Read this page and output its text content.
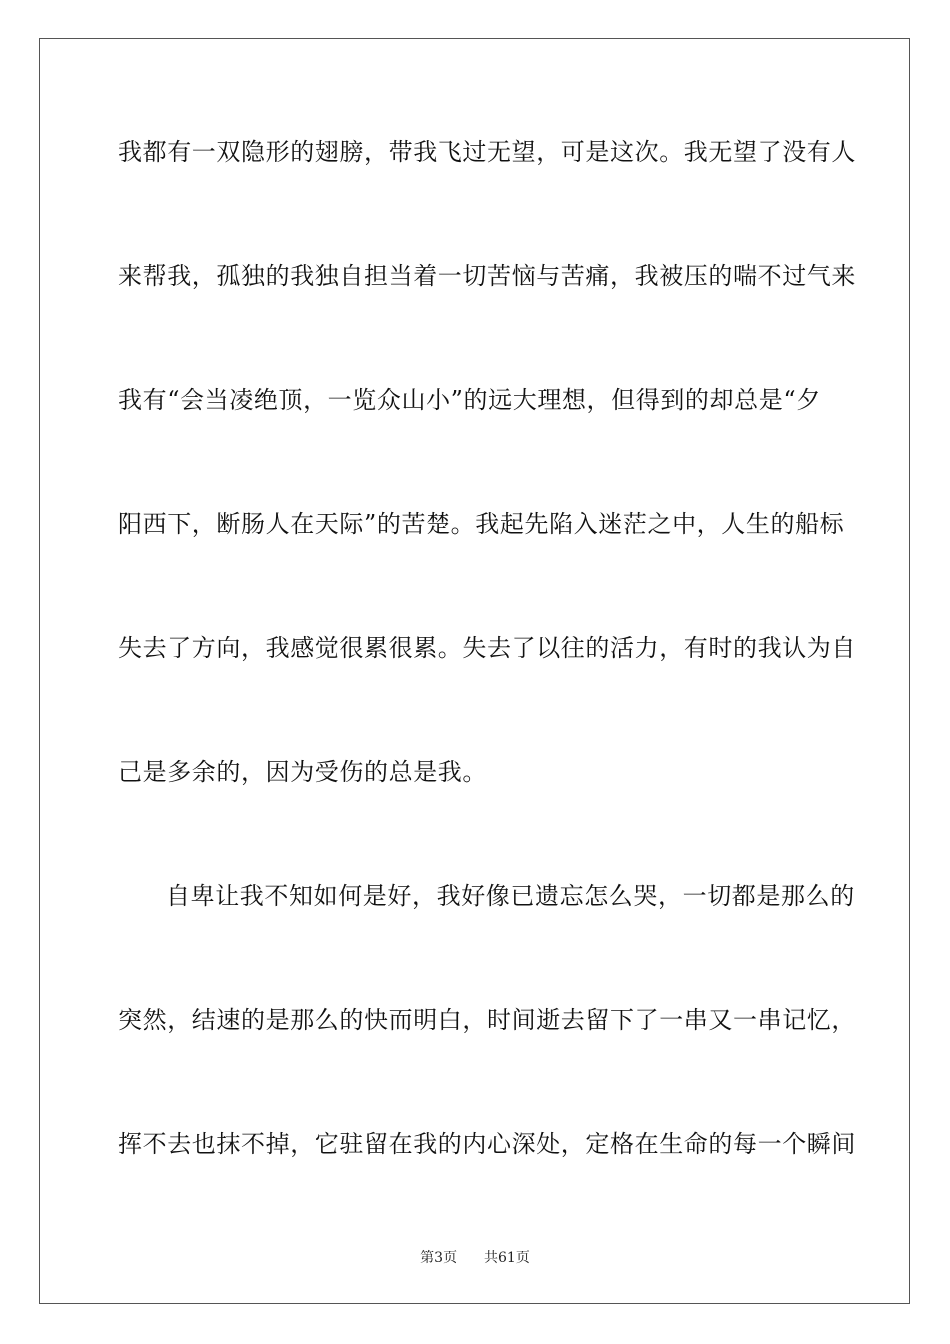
我都有一双隐形的翅膀，带我飞过无望，可是这次。我无望了没有人
来帮我，孤独的我独自担当着一切苦恼与苦痛，我被压的喘不过气来
我有“会当凌绝顶，一览众山小”的远大理想，但得到的却总是“夕
阳西下，断肠人在天际”的苦楚。我起先陷入迷茫之中，人生的船标
失去了方向，我感觉很累很累。失去了以往的活力，有时的我认为自
己是多余的，因为受伤的总是我。
自卑让我不知如何是好，我好像已遗忘怎么哭，一切都是那么的
突然，结速的是那么的快而明白，时间逝去留下了一串又一串记忆，
挥不去也抹不掉，它驻留在我的内心深处，定格在生命的每一个瞬间
第3页 共61页
